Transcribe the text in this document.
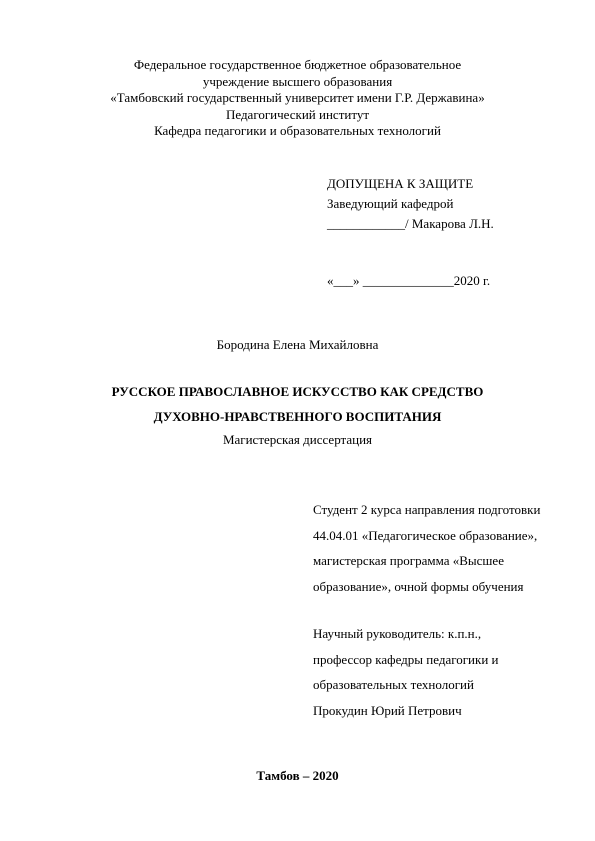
Федеральное государственное бюджетное образовательное
учреждение высшего образования
«Тамбовский государственный университет имени Г.Р. Державина»
Педагогический институт
Кафедра педагогики и образовательных технологий
ДОПУЩЕНА К ЗАЩИТЕ
Заведующий кафедрой
____________/ Макарова Л.Н.
«___» ______________2020 г.
Бородина Елена Михайловна
РУССКОЕ ПРАВОСЛАВНОЕ ИСКУССТВО КАК СРЕДСТВО
ДУХОВНО-НРАВСТВЕННОГО ВОСПИТАНИЯ
Магистерская диссертация
Студент 2 курса направления подготовки
44.04.01 «Педагогическое образование»,
магистерская программа «Высшее
образование», очной формы обучения
Научный руководитель: к.п.н.,
профессор кафедры педагогики и
образовательных технологий
Прокудин Юрий Петрович
Тамбов – 2020
